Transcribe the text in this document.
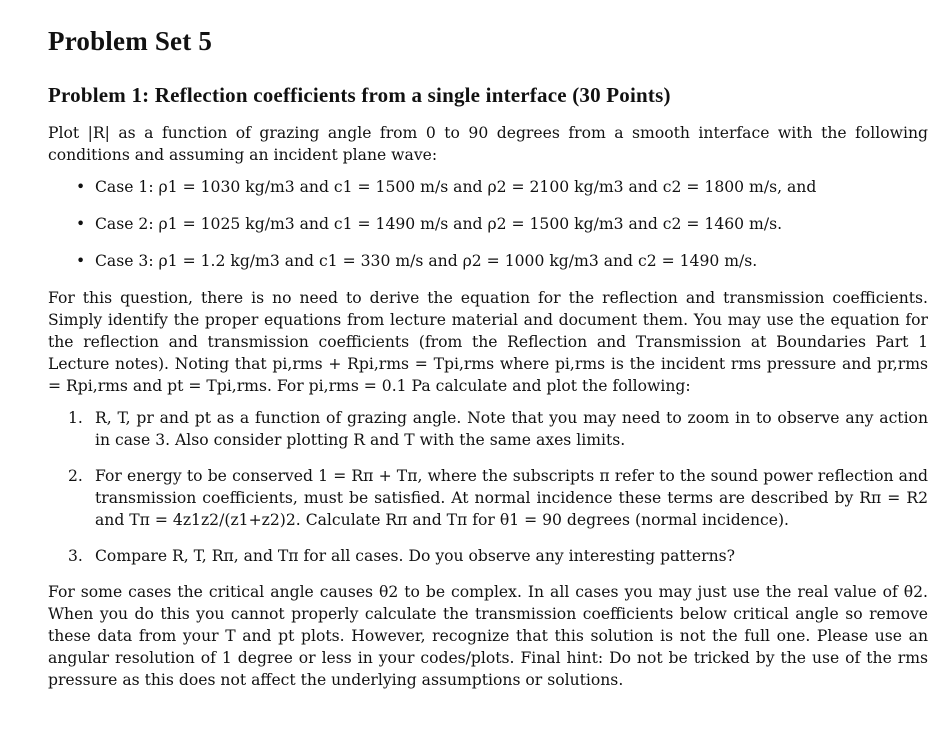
Problem Set 5
Problem 1: Reflection coefficients from a single interface (30 Points)

Plot |R| as a function of grazing angle from 0 to 90 degrees from a smooth interface with the following conditions and assuming an incident plane wave:

• Case 1: ρ1 = 1030 kg/m3 and c1 = 1500 m/s and ρ2 = 2100 kg/m3 and c2 = 1800 m/s, and
• Case 2: ρ1 = 1025 kg/m3 and c1 = 1490 m/s and ρ2 = 1500 kg/m3 and c2 = 1460 m/s.
• Case 3: ρ1 = 1.2 kg/m3 and c1 = 330 m/s and ρ2 = 1000 kg/m3 and c2 = 1490 m/s.

For this question, there is no need to derive the equation for the reflection and transmission coefficients. Simply identify the proper equations from lecture material and document them. You may use the equation for the reflection and transmission coefficients (from the Reflection and Transmission at Boundaries Part 1 Lecture notes). Noting that pi,rms + Rpi,rms = Tpi,rms where pi,rms is the incident rms pressure and pr,rms = Rpi,rms and pt = Tpi,rms. For pi,rms = 0.1 Pa calculate and plot the following:

1. R, T, pr and pt as a function of grazing angle. Note that you may need to zoom in to observe any action in case 3. Also consider plotting R and T with the same axes limits.
2. For energy to be conserved 1 = Rπ + Tπ, where the subscripts π refer to the sound power reflection and transmission coefficients, must be satisfied. At normal incidence these terms are described by Rπ = R2 and Tπ = 4z1z2/(z1+z2)2. Calculate Rπ and Tπ for θ1 = 90 degrees (normal incidence).
3. Compare R, T, Rπ, and Tπ for all cases. Do you observe any interesting patterns?

For some cases the critical angle causes θ2 to be complex. In all cases you may just use the real value of θ2. When you do this you cannot properly calculate the transmission coefficients below critical angle so remove these data from your T and pt plots. However, recognize that this solution is not the full one. Please use an angular resolution of 1 degree or less in your codes/plots. Final hint: Do not be tricked by the use of the rms pressure as this does not affect the underlying assumptions or solutions.
